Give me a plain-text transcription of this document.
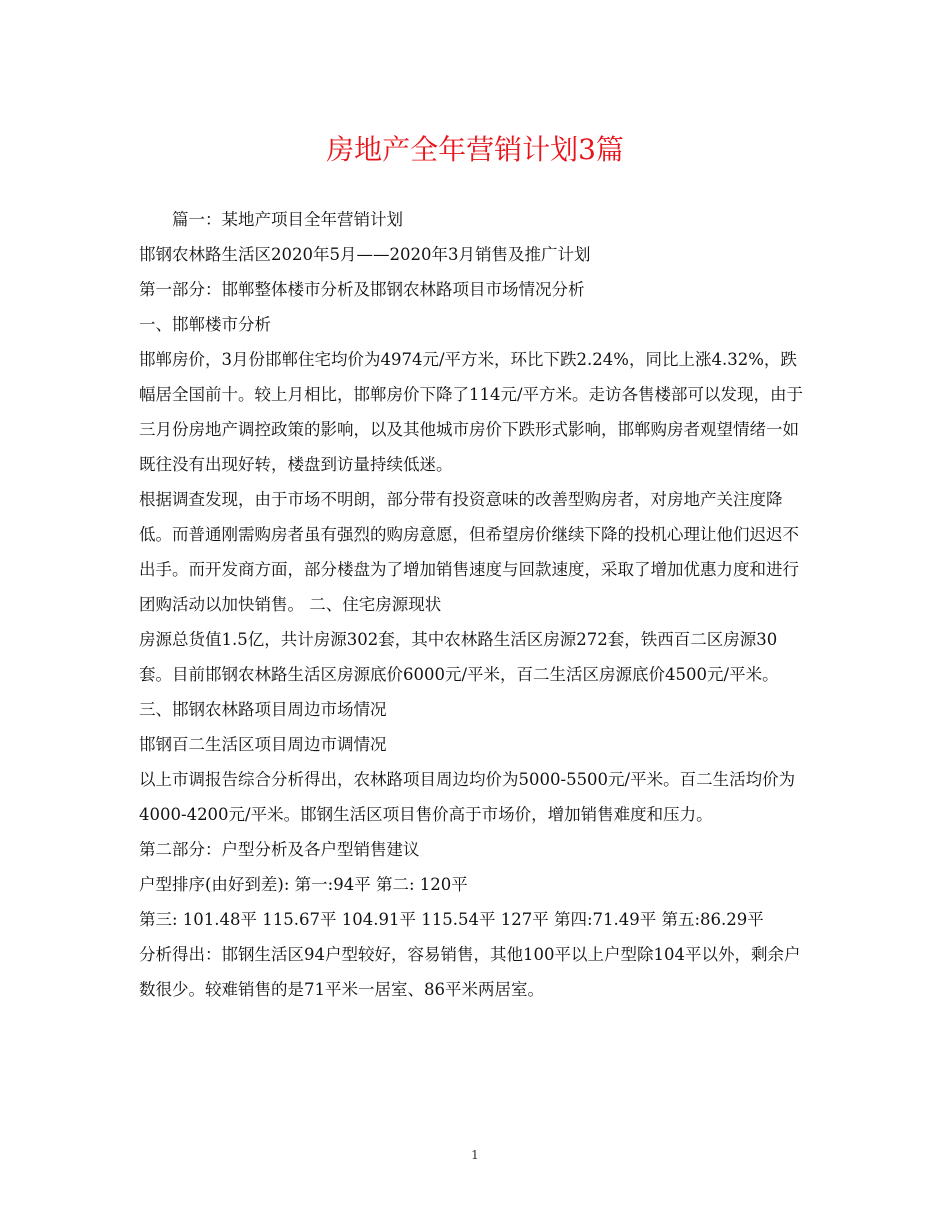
房地产全年营销计划3篇

篇一：某地产项目全年营销计划

邯钢农林路生活区2020年5月——2020年3月销售及推广计划

第一部分：邯郸整体楼市分析及邯钢农林路项目市场情况分析

一、邯郸楼市分析

邯郸房价，3月份邯郸住宅均价为4974元/平方米，环比下跌2.24%，同比上涨4.32%，跌幅居全国前十。较上月相比，邯郸房价下降了114元/平方米。走访各售楼部可以发现，由于三月份房地产调控政策的影响，以及其他城市房价下跌形式影响，邯郸购房者观望情绪一如既往没有出现好转，楼盘到访量持续低迷。

根据调查发现，由于市场不明朗，部分带有投资意味的改善型购房者，对房地产关注度降低。而普通刚需购房者虽有强烈的购房意愿，但希望房价继续下降的投机心理让他们迟迟不出手。而开发商方面，部分楼盘为了增加销售速度与回款速度，采取了增加优惠力度和进行团购活动以加快销售。 二、住宅房源现状

房源总货值1.5亿，共计房源302套，其中农林路生活区房源272套，铁西百二区房源30套。目前邯钢农林路生活区房源底价6000元/平米，百二生活区房源底价4500元/平米。 三、邯钢农林路项目周边市场情况

邯钢百二生活区项目周边市调情况

以上市调报告综合分析得出，农林路项目周边均价为5000-5500元/平米。百二生活均价为4000-4200元/平米。邯钢生活区项目售价高于市场价，增加销售难度和压力。

第二部分：户型分析及各户型销售建议

户型排序(由好到差): 第一:94平 第二: 120平

第三: 101.48平 115.67平 104.91平 115.54平 127平 第四:71.49平 第五:86.29平

分析得出：邯钢生活区94户型较好，容易销售，其他100平以上户型除104平以外，剩余户数很少。较难销售的是71平米一居室、86平米两居室。

1
